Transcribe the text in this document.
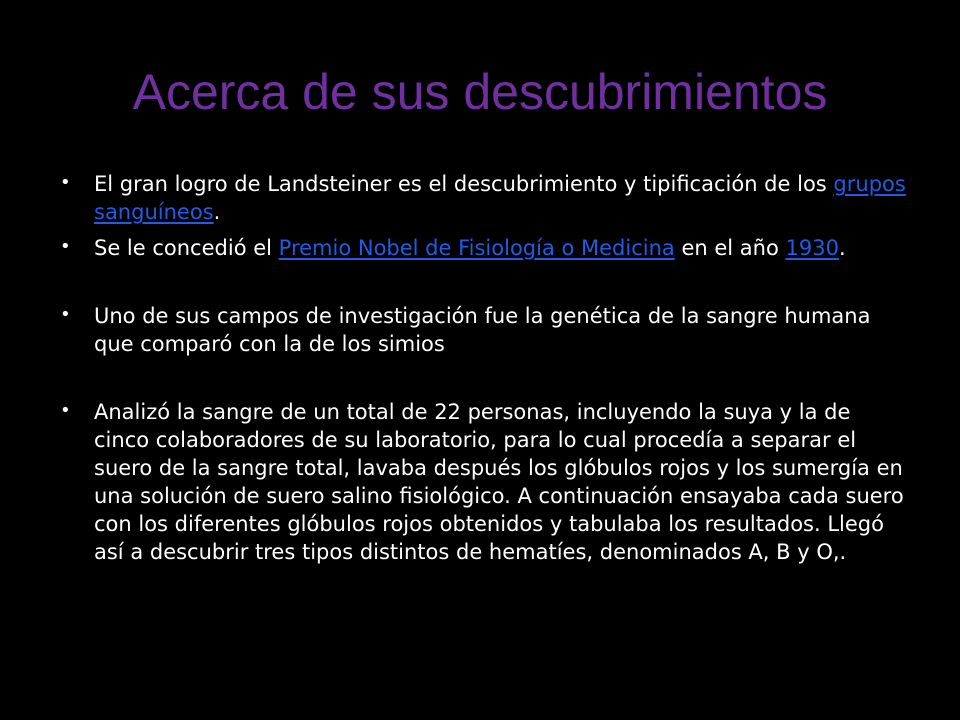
Acerca de sus descubrimientos
• El gran logro de Landsteiner es el descubrimiento y tipificación de los grupos sanguíneos.
• Se le concedió el Premio Nobel de Fisiología o Medicina en el año 1930.
• Uno de sus campos de investigación fue la genética de la sangre humana que comparó con la de los simios
• Analizó la sangre de un total de 22 personas, incluyendo la suya y la de cinco colaboradores de su laboratorio, para lo cual procedía a separar el suero de la sangre total, lavaba después los glóbulos rojos y los sumergía en una solución de suero salino fisiológico. A continuación ensayaba cada suero con los diferentes glóbulos rojos obtenidos y tabulaba los resultados. Llegó así a descubrir tres tipos distintos de hematíes, denominados A, B y O,.
